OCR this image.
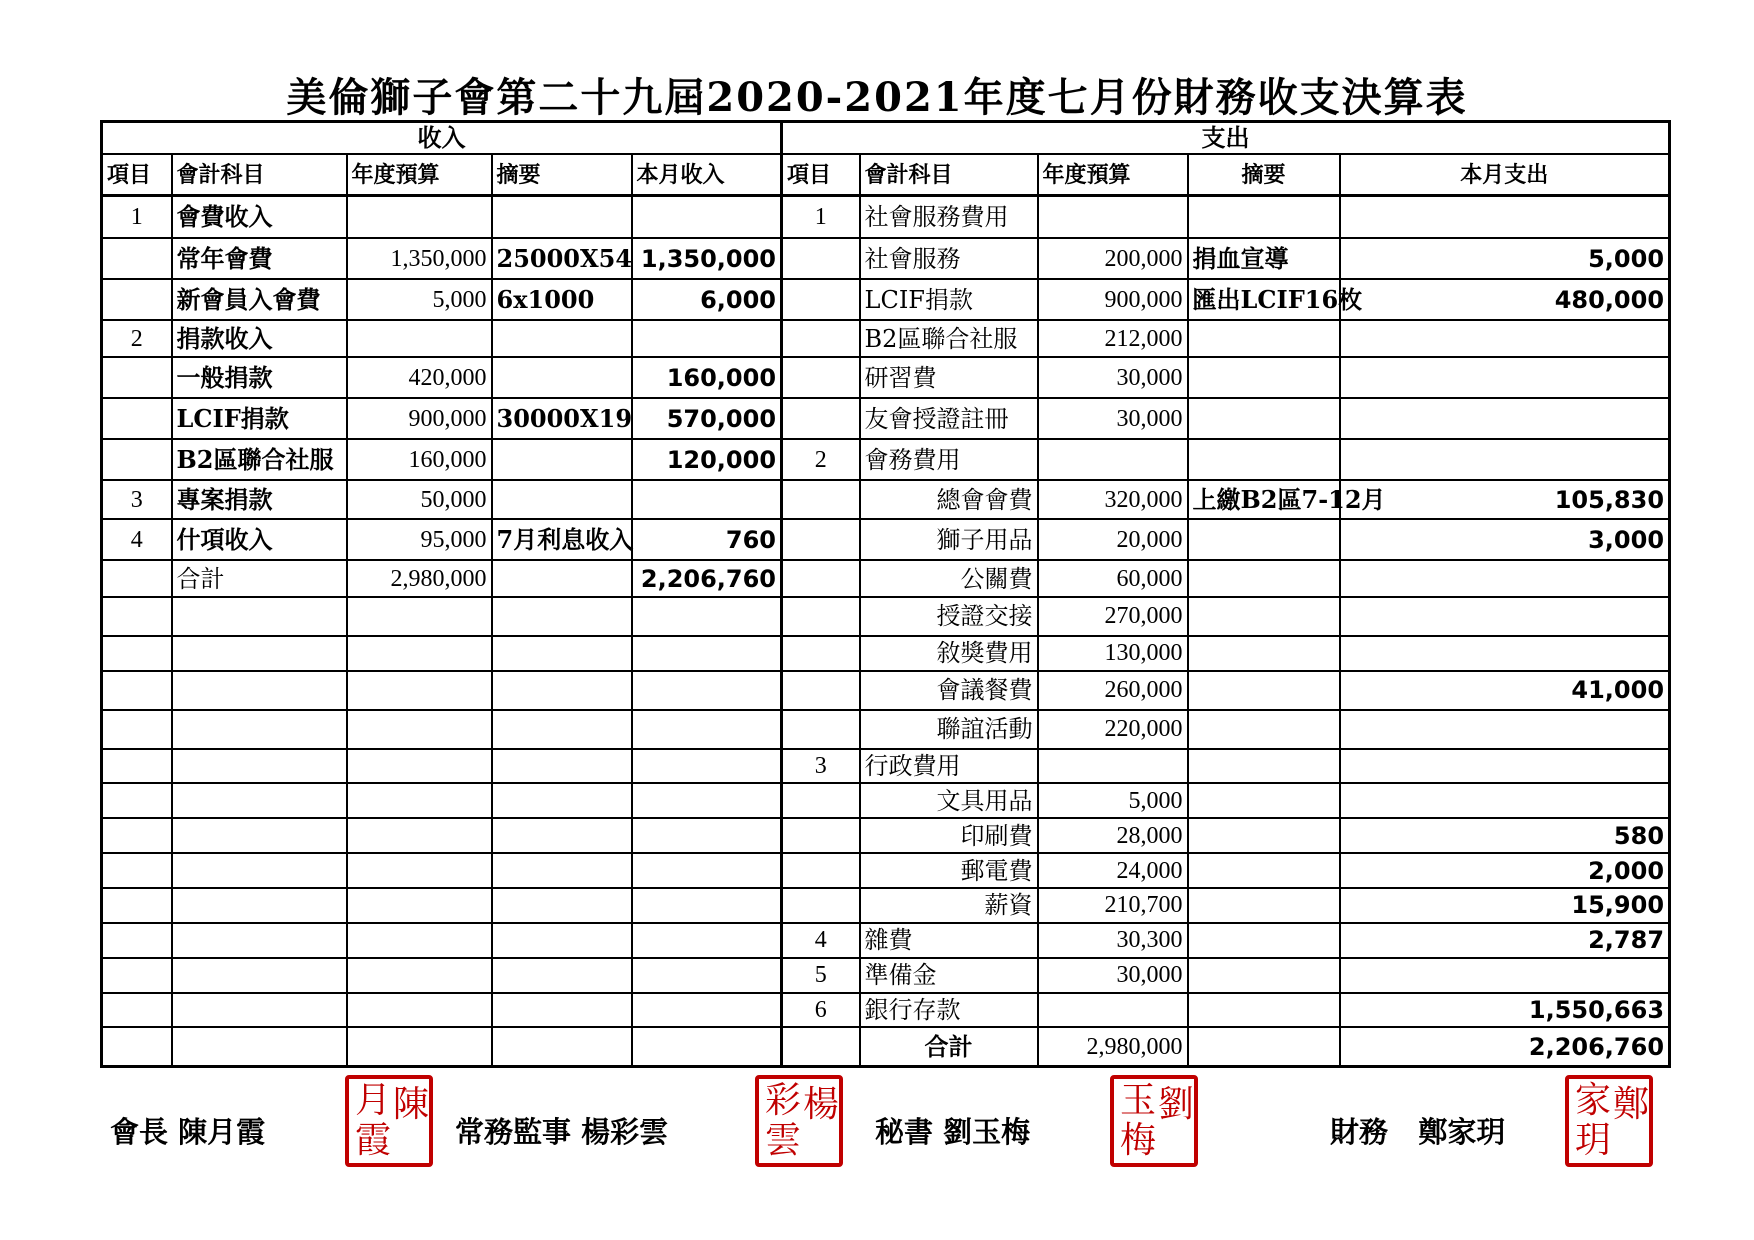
美倫獅子會第二十九屆2020-2021年度七月份財務收支決算表
收入					支出				
項目	會計科目	年度預算	摘要	本月收入	項目	會計科目	年度預算	摘要	本月支出
1	會費收入				1	社會服務費用			
	常年會費	1,350,000	25000X54	1,350,000		社會服務	200,000	捐血宣導	5,000
	新會員入會費	5,000	6x1000	6,000		LCIF捐款	900,000	匯出LCIF16枚	480,000
2	捐款收入					B2區聯合社服	212,000		
	一般捐款	420,000		160,000		研習費	30,000		
	LCIF捐款	900,000	30000X19	570,000		友會授證註冊	30,000		
	B2區聯合社服	160,000		120,000	2	會務費用			
3	專案捐款	50,000				總會會費	320,000	上繳B2區7-12月	105,830
4	什項收入	95,000	7月利息收入	760		獅子用品	20,000		3,000
	合計	2,980,000		2,206,760		公關費	60,000		
						授證交接	270,000		
						敘獎費用	130,000		
						會議餐費	260,000		41,000
						聯誼活動	220,000		
					3	行政費用			
						文具用品	5,000		
						印刷費	28,000		580
						郵電費	24,000		2,000
						薪資	210,700		15,900
					4	雜費	30,300		2,787
					5	準備金	30,000		
					6	銀行存款			1,550,663
						合計	2,980,000		2,206,760
會長 陳月霞
陳
月
霞 常務監事 楊彩雲
楊
彩
雲	秘書 劉玉梅
劉
玉
梅	財務 鄭家玥
鄭
家
玥
